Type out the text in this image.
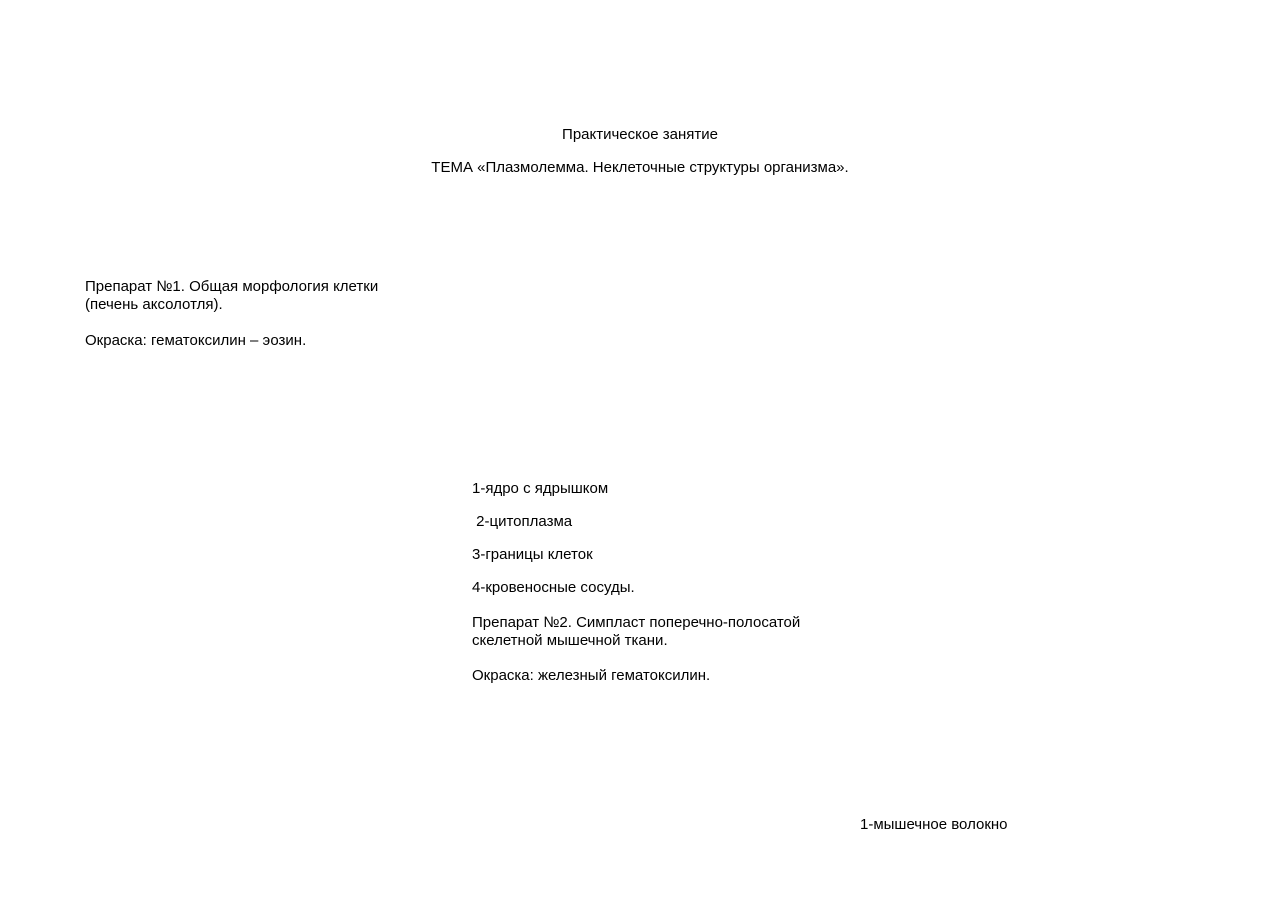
Практическое занятие

ТЕМА «Плазмолемма. Неклеточные структуры организма».

Препарат №1. Общая морфология клетки

(печень аксолотля).

Окраска: гематоксилин – эозин.

1-ядро с ядрышком

2-цитоплазма

3-границы клеток

4-кровеносные сосуды.

Препарат №2. Симпласт поперечно-полосатой

скелетной мышечной ткани.

Окраска: железный гематоксилин.

1-мышечное волокно
